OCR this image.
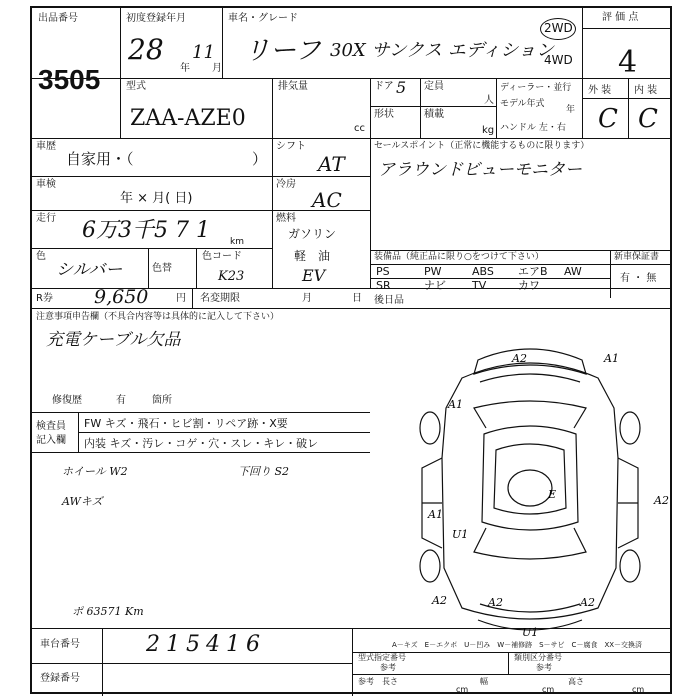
出品番号
3505
初度登録年月
28
年
11
月
車名・グレード
リーフ 30X サンクス エディション
2WD
4WD
評 価 点
4
型式
ZAA-AZE0
排気量
cc
ドア 5 定員
人
形状	積載
kg
ディーラー・並行
モデル年式
年
ハンドル 左・右
外 装 内 装
C C
車歴
自家用・（	）
車検
年 × 月( 日)
走行 6万3千5 7 1 km
色
シルバー	色替
色コード
K23
シフト
AT
冷房
AC
燃料
ガソリン
軽　油
EV
セールスポイント（正常に機能するものに限ります）
アラウンドビューモニター
装備品（純正品に限り○をつけて下さい）	新車保証書
有 ・ 無
PS	PW	ABS エアB AW
SR	ナビ TV	カワ
後日品
R券 9,650	円 名変期限	月	日
注意事項申告欄（不具合内容等は具体的に記入して下さい）
充電ケーブル欠品
修復歴	有	箇所
検査員
記入欄
FW キズ・飛石・ヒビ割・リペア跡・X要
内装 キズ・汚レ・コゲ・穴・スレ・キレ・破レ
ホイール W2	下回り S2
AWキズ
ポ 63571 Km
車台番号	215416
登録番号
A－キズ　E－エクボ　U－凹み　W－補修跡　S－サビ　C－腐食　XX－交換済
型式指定番号
参考
類別区分番号
参考
参考 長さ
cm
幅
cm
高さ
cm
A2	A1
A1
A2
A1
U1
E
A2
A2
U1
A2
